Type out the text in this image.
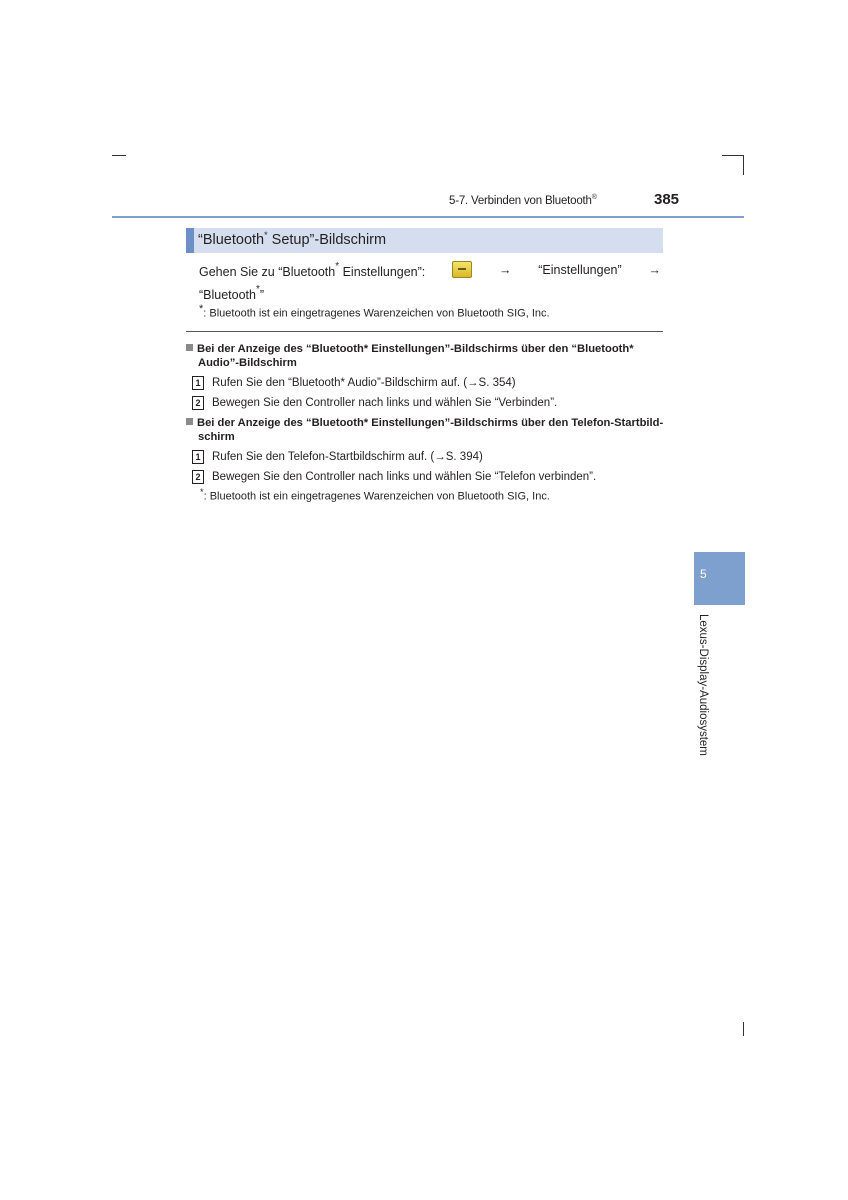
5-7. Verbinden von Bluetooth®	385
“Bluetooth* Setup”-Bildschirm
Gehen Sie zu “Bluetooth* Einstellungen”:	→ “Einstellungen” →
“Bluetooth*”
*: Bluetooth ist ein eingetragenes Warenzeichen von Bluetooth SIG, Inc.
Bei der Anzeige des “Bluetooth* Einstellungen”-Bildschirms über den “Bluetooth* Audio”-Bildschirm
1 Rufen Sie den “Bluetooth* Audio”-Bildschirm auf. (→S. 354)
2 Bewegen Sie den Controller nach links und wählen Sie “Verbinden”.
Bei der Anzeige des “Bluetooth* Einstellungen”-Bildschirms über den Telefon-Startbild-schirm
1 Rufen Sie den Telefon-Startbildschirm auf. (→S. 394)
2 Bewegen Sie den Controller nach links und wählen Sie “Telefon verbinden”.
*: Bluetooth ist ein eingetragenes Warenzeichen von Bluetooth SIG, Inc.
5
Lexus-Display-Audiosystem
